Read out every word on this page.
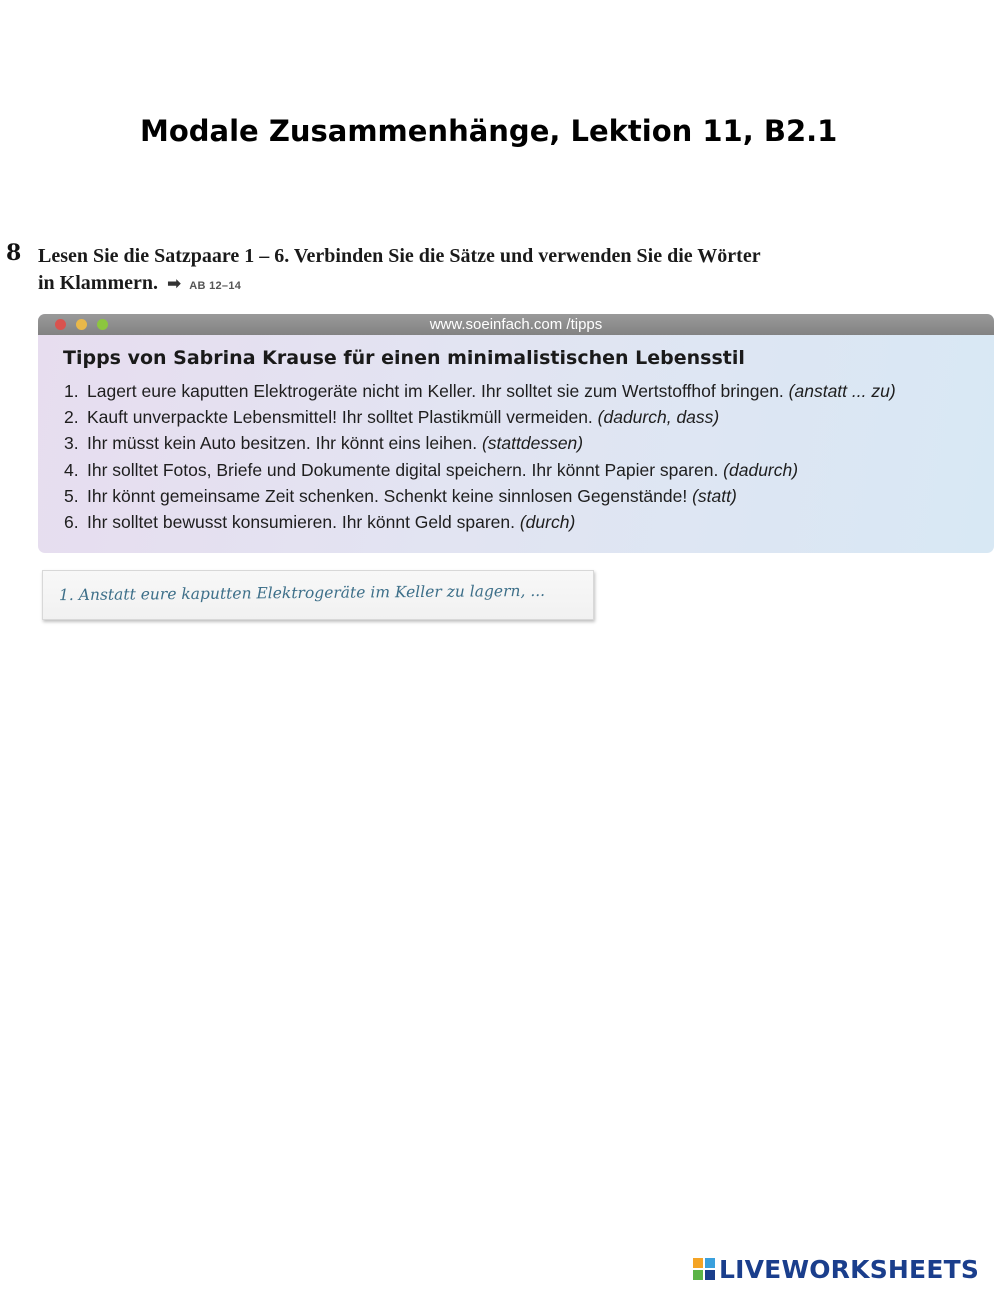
Modale Zusammenhänge, Lektion 11, B2.1
8 Lesen Sie die Satzpaare 1 – 6. Verbinden Sie die Sätze und verwenden Sie die Wörter
in Klammern. ➡ AB 12–14
www.soeinfach.com /tipps
Tipps von Sabrina Krause für einen minimalistischen Lebensstil
1. Lagert eure kaputten Elektrogeräte nicht im Keller. Ihr solltet sie zum Wertstoffhof bringen. (anstatt ... zu)
2. Kauft unverpackte Lebensmittel! Ihr solltet Plastikmüll vermeiden. (dadurch, dass)
3. Ihr müsst kein Auto besitzen. Ihr könnt eins leihen. (stattdessen)
4. Ihr solltet Fotos, Briefe und Dokumente digital speichern. Ihr könnt Papier sparen. (dadurch)
5. Ihr könnt gemeinsame Zeit schenken. Schenkt keine sinnlosen Gegenstände! (statt)
6. Ihr solltet bewusst konsumieren. Ihr könnt Geld sparen. (durch)
1. Anstatt eure kaputten Elektrogeräte im Keller zu lagern, ...
LIVEWORKSHEETS
